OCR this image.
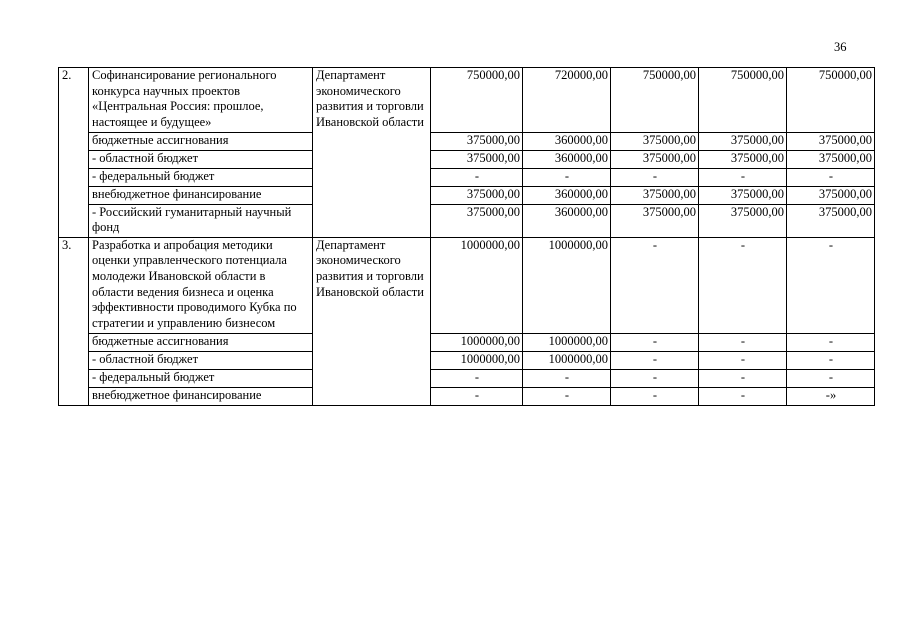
36
2.	Софинансирование регионального конкурса научных проектов «Центральная Россия: прошлое, настоящее и будущее»	Департамент экономического развития и торговли Ивановской области	750000,00	720000,00	750000,00	750000,00	750000,00
	бюджетные ассигнования		375000,00	360000,00	375000,00	375000,00	375000,00
	- областной бюджет		375000,00	360000,00	375000,00	375000,00	375000,00
	- федеральный бюджет		-	-	-	-	-
	внебюджетное финансирование		375000,00	360000,00	375000,00	375000,00	375000,00
	- Российский гуманитарный научный фонд		375000,00	360000,00	375000,00	375000,00	375000,00
3.	Разработка и апробация методики оценки управленческого потенциала молодежи Ивановской области в области ведения бизнеса и оценка эффективности проводимого Кубка по стратегии и управлению бизнесом	Департамент экономического развития и торговли Ивановской области	1000000,00	1000000,00	-	-	-
	бюджетные ассигнования		1000000,00	1000000,00	-	-	-
	- областной бюджет		1000000,00	1000000,00	-	-	-
	- федеральный бюджет		-	-	-	-	-
	внебюджетное финансирование		-	-	-	-	-»
